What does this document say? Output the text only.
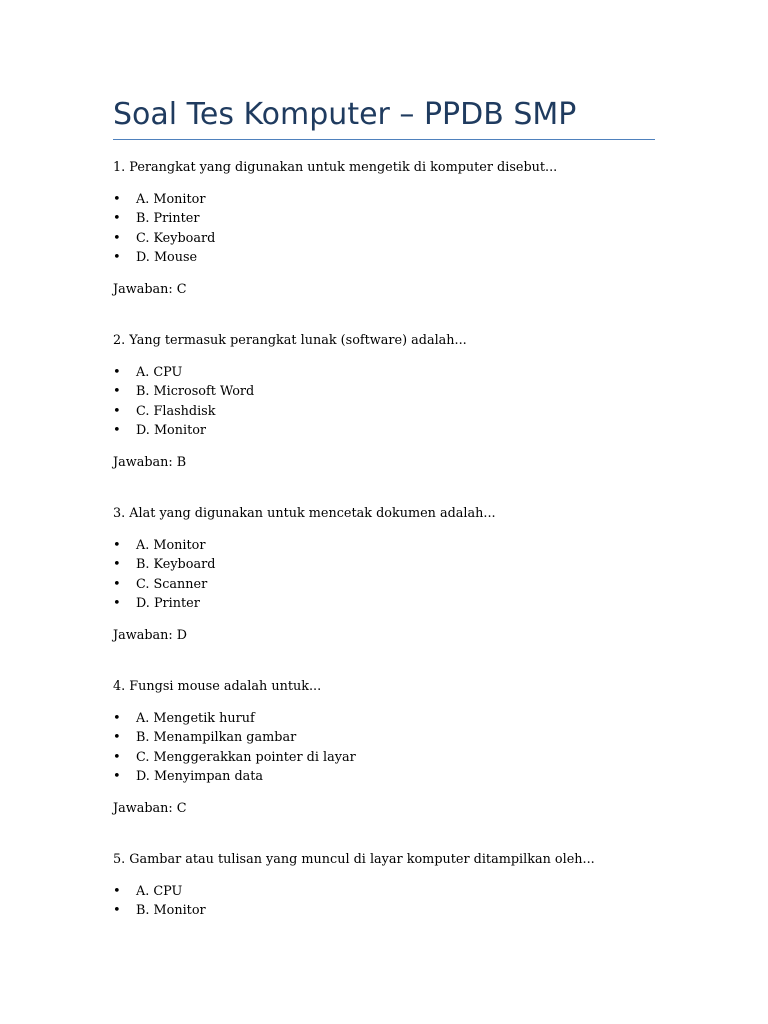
Soal Tes Komputer – PPDB SMP

1. Perangkat yang digunakan untuk mengetik di komputer disebut...

• A. Monitor
• B. Printer
• C. Keyboard
• D. Mouse

Jawaban: C

2. Yang termasuk perangkat lunak (software) adalah...

• A. CPU
• B. Microsoft Word
• C. Flashdisk
• D. Monitor

Jawaban: B

3. Alat yang digunakan untuk mencetak dokumen adalah...

• A. Monitor
• B. Keyboard
• C. Scanner
• D. Printer

Jawaban: D

4. Fungsi mouse adalah untuk...

• A. Mengetik huruf
• B. Menampilkan gambar
• C. Menggerakkan pointer di layar
• D. Menyimpan data

Jawaban: C

5. Gambar atau tulisan yang muncul di layar komputer ditampilkan oleh...

• A. CPU
• B. Monitor
